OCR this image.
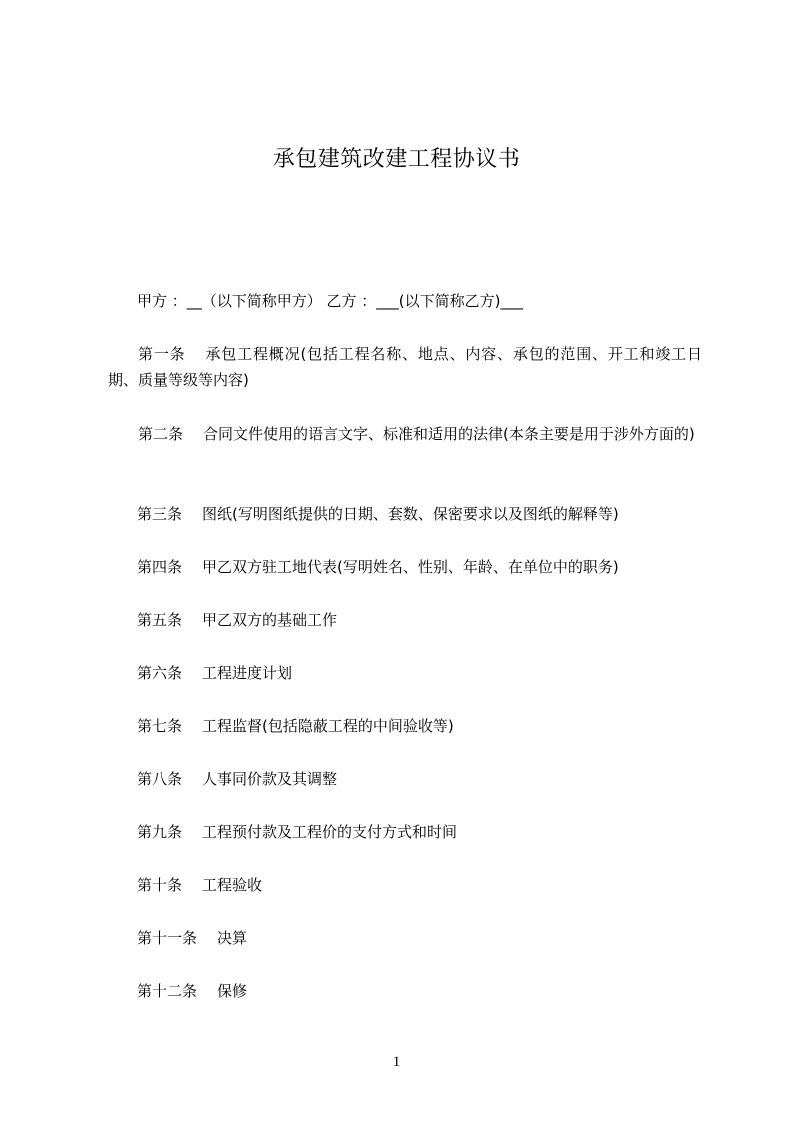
承包建筑改建工程协议书
甲方 ：__（以下简称甲方） 乙方 ：___(以下简称乙方)___
第一条 承包工程概况(包括工程名称、地点、内容、承包的范围、开工和竣工日期、质量等级等内容)
第二条 合同文件使用的语言文字、标准和适用的法律(本条主要是用于涉外方面的)
第三条 图纸(写明图纸提供的日期、套数、保密要求以及图纸的解释等)
第四条 甲乙双方驻工地代表(写明姓名、性别、年龄、在单位中的职务)
第五条 甲乙双方的基础工作
第六条 工程进度计划
第七条 工程监督(包括隐蔽工程的中间验收等)
第八条 人事同价款及其调整
第九条 工程预付款及工程价的支付方式和时间
第十条 工程验收
第十一条 决算
第十二条 保修
1
